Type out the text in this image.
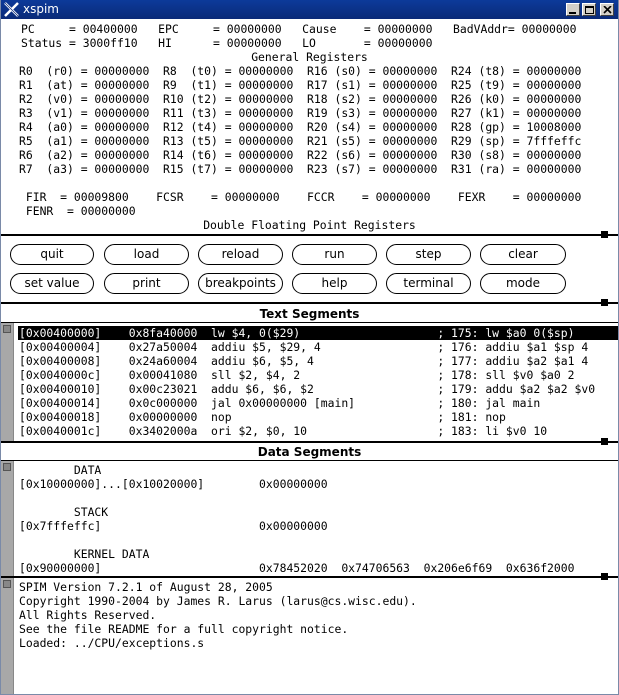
xspim

PC     = 00400000   EPC     = 00000000   Cause    = 00000000   BadVAddr= 00000000

Status = 3000ff10   HI      = 00000000   LO       = 00000000

General Registers

R0  (r0) = 00000000  R8  (t0) = 00000000  R16 (s0) = 00000000  R24 (t8) = 00000000

R1  (at) = 00000000  R9  (t1) = 00000000  R17 (s1) = 00000000  R25 (t9) = 00000000

R2  (v0) = 00000000  R10 (t2) = 00000000  R18 (s2) = 00000000  R26 (k0) = 00000000

R3  (v1) = 00000000  R11 (t3) = 00000000  R19 (s3) = 00000000  R27 (k1) = 00000000

R4  (a0) = 00000000  R12 (t4) = 00000000  R20 (s4) = 00000000  R28 (gp) = 10008000

R5  (a1) = 00000000  R13 (t5) = 00000000  R21 (s5) = 00000000  R29 (sp) = 7fffeffc

R6  (a2) = 00000000  R14 (t6) = 00000000  R22 (s6) = 00000000  R30 (s8) = 00000000

R7  (a3) = 00000000  R15 (t7) = 00000000  R23 (s7) = 00000000  R31 (ra) = 00000000

FIR  = 00009800    FCSR    = 00000000    FCCR    = 00000000    FEXR    = 00000000

FENR  = 00000000

Double Floating Point Registers

quit	load	reload	run	step	clear
set value	print	breakpoints	help	terminal	mode
Text Segments

[0x00400000]    0x8fa40000  lw $4, 0($29)                    ; 175: lw $a0 0($sp)

[0x00400004]    0x27a50004  addiu $5, $29, 4                 ; 176: addiu $a1 $sp 4

[0x00400008]    0x24a60004  addiu $6, $5, 4                  ; 177: addiu $a2 $a1 4

[0x0040000c]    0x00041080  sll $2, $4, 2                    ; 178: sll $v0 $a0 2

[0x00400010]    0x00c23021  addu $6, $6, $2                  ; 179: addu $a2 $a2 $v0

[0x00400014]    0x0c000000  jal 0x00000000 [main]            ; 180: jal main

[0x00400018]    0x00000000  nop                              ; 181: nop

[0x0040001c]    0x3402000a  ori $2, $0, 10                   ; 183: li $v0 10

Data Segments

DATA

[0x10000000]...[0x10020000]        0x00000000

STACK

[0x7fffeffc]                       0x00000000

KERNEL DATA

[0x90000000]                       0x78452020  0x74706563  0x206e6f69  0x636f2000

SPIM Version 7.2.1 of August 28, 2005

Copyright 1990-2004 by James R. Larus (larus@cs.wisc.edu).

All Rights Reserved.

See the file README for a full copyright notice.

Loaded: ../CPU/exceptions.s
